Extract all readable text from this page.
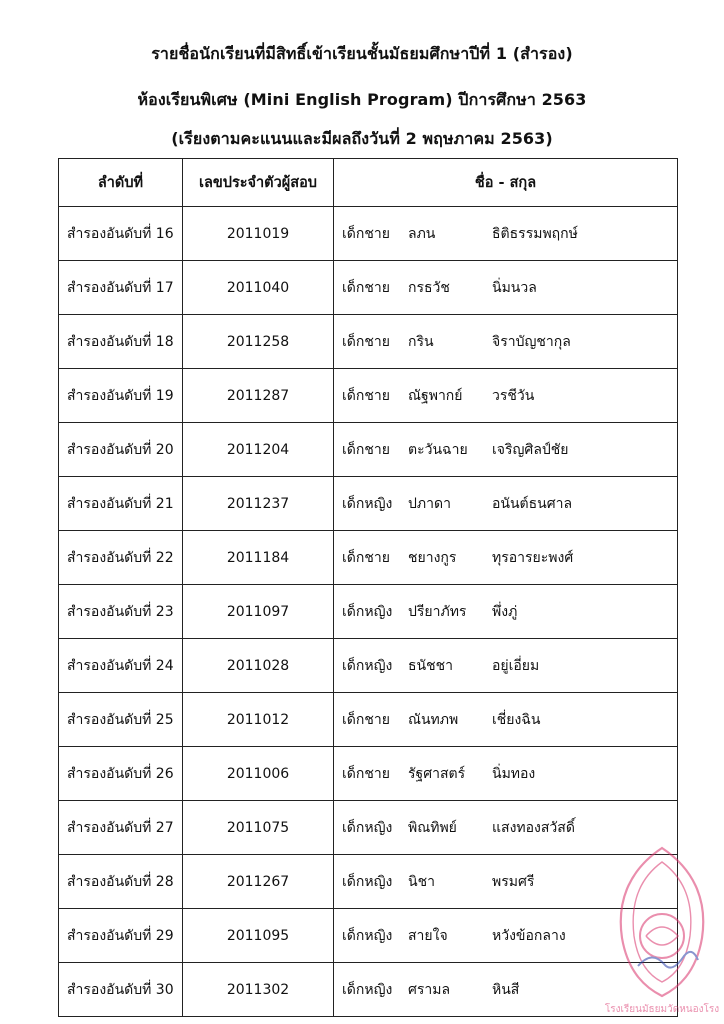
รายชื่อนักเรียนที่มีสิทธิ์เข้าเรียนชั้นมัธยมศึกษาปีที่ 1 (สำรอง)
ห้องเรียนพิเศษ (Mini English Program) ปีการศึกษา 2563
(เรียงตามคะแนนและมีผลถึงวันที่ 2 พฤษภาคม 2563)
ลำดับที่	เลขประจำตัวผู้สอบ	ชื่อ - สกุล
สำรองอันดับที่ 16	2011019	เด็กชาย ลภน ธิติธรรมพฤกษ์
สำรองอันดับที่ 17	2011040	เด็กชาย กรธวัช นิ่มนวล
สำรองอันดับที่ 18	2011258	เด็กชาย กริน จิราบัญชากุล
สำรองอันดับที่ 19	2011287	เด็กชาย ณัฐพากย์ วรชีวัน
สำรองอันดับที่ 20	2011204	เด็กชาย ตะวันฉาย เจริญศิลป์ชัย
สำรองอันดับที่ 21	2011237	เด็กหญิง ปภาดา อนันต์ธนศาล
สำรองอันดับที่ 22	2011184	เด็กชาย ชยางกูร ทุรอารยะพงศ์
สำรองอันดับที่ 23	2011097	เด็กหญิง ปรียาภัทร พึ่งภู่
สำรองอันดับที่ 24	2011028	เด็กหญิง ธนัชชา อยู่เอี่ยม
สำรองอันดับที่ 25	2011012	เด็กชาย ณันทภพ เชี่ยงฉิน
สำรองอันดับที่ 26	2011006	เด็กชาย รัฐศาสตร์ นิ่มทอง
สำรองอันดับที่ 27	2011075	เด็กหญิง พิณทิพย์ แสงทองสวัสดิ์
สำรองอันดับที่ 28	2011267	เด็กหญิง นิชา พรมศรี
สำรองอันดับที่ 29	2011095	เด็กหญิง สายใจ หวังข้อกลาง
สำรองอันดับที่ 30	2011302	เด็กหญิง ศรามล หินสี
โรงเรียนมัธยมวัดหนองโรง
